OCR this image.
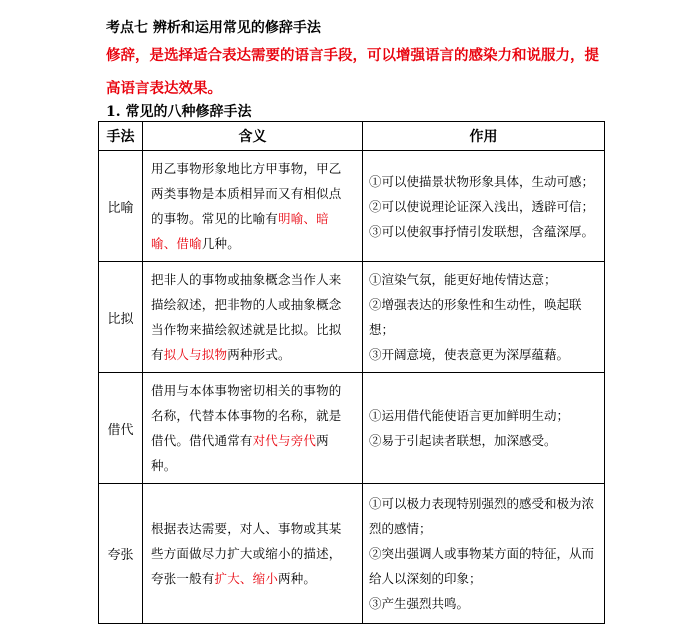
考点七 辨析和运用常见的修辞手法
修辞，是选择适合表达需要的语言手段，可以增强语言的感染力和说服力，提高语言表达效果。
1. 常见的八种修辞手法
手法	含义	作用
比喻	用乙事物形象地比方甲事物，甲乙两类事物是本质相异而又有相似点的事物。常见的比喻有明喻、暗喻、借喻几种。	①可以使描景状物形象具体，生动可感；
②可以使说理论证深入浅出，透辟可信；
③可以使叙事抒情引发联想，含蕴深厚。

比拟	把非人的事物或抽象概念当作人来描绘叙述，把非物的人或抽象概念当作物来描绘叙述就是比拟。比拟有拟人与拟物两种形式。	①渲染气氛，能更好地传情达意；
②增强表达的形象性和生动性，唤起联想；
③开阔意境，使表意更为深厚蕴藉。

借代	借用与本体事物密切相关的事物的名称，代替本体事物的名称，就是借代。借代通常有对代与旁代两种。	①运用借代能使语言更加鲜明生动；
②易于引起读者联想，加深感受。

夸张	根据表达需要，对人、事物或其某些方面做尽力扩大或缩小的描述，夸张一般有扩大、缩小两种。	①可以极力表现特别强烈的感受和极为浓烈的感情；
②突出强调人或事物某方面的特征，从而给人以深刻的印象；
③产生强烈共鸣。
